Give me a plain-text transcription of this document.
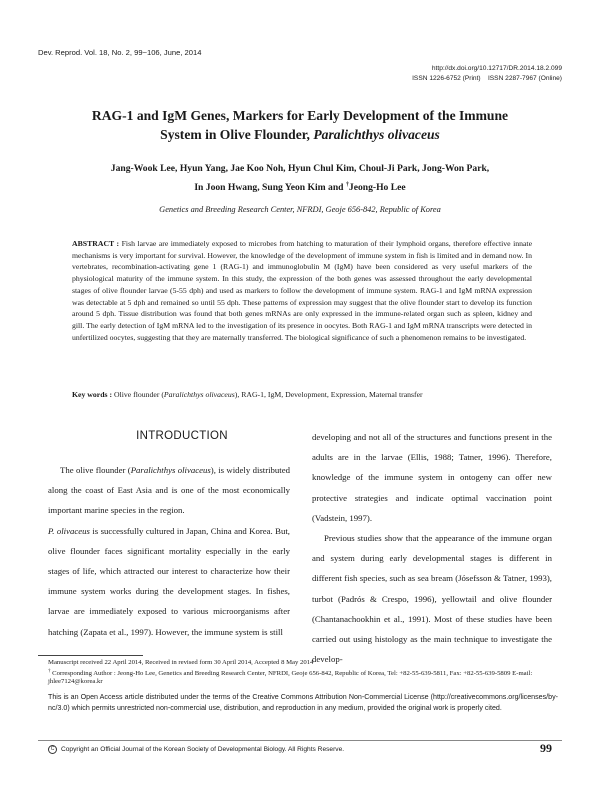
Dev. Reprod. Vol. 18, No. 2, 99~106, June, 2014
http://dx.doi.org/10.12717/DR.2014.18.2.099
ISSN 1226-6752 (Print)    ISSN 2287-7967 (Online)
RAG-1 and IgM Genes, Markers for Early Development of the Immune
System in Olive Flounder, Paralichthys olivaceus
Jang-Wook Lee, Hyun Yang, Jae Koo Noh, Hyun Chul Kim, Choul-Ji Park, Jong-Won Park,
In Joon Hwang, Sung Yeon Kim and †Jeong-Ho Lee
Genetics and Breeding Research Center, NFRDI, Geoje 656-842, Republic of Korea
ABSTRACT : Fish larvae are immediately exposed to microbes from hatching to maturation of their lymphoid organs, therefore effective innate mechanisms is very important for survival. However, the knowledge of the development of immune system in fish is limited and in demand now. In vertebrates, recombination-activating gene 1 (RAG-1) and immunoglobulin M (IgM) have been considered as very useful markers of the physiological maturity of the immune system. In this study, the expression of the both genes was assessed throughout the early developmental stages of olive flounder larvae (5-55 dph) and used as markers to follow the development of immune system. RAG-1 and IgM mRNA expression was detectable at 5 dph and remained so until 55 dph. These patterns of expression may suggest that the olive flounder start to develop its function around 5 dph. Tissue distribution was found that both genes mRNAs are only expressed in the immune-related organ such as spleen, kidney and gill. The early detection of IgM mRNA led to the investigation of its presence in oocytes. Both RAG-1 and IgM mRNA transcripts were detected in unfertilized oocytes, suggesting that they are maternally transferred. The biological significance of such a phenomenon remains to be investigated.
Key words : Olive flounder (Paralichthys olivaceus), RAG-1, IgM, Development, Expression, Maternal transfer
INTRODUCTION

The olive flounder (Paralichthys olivaceus), is widely distributed along the coast of East Asia and is one of the most economically important marine species in the region.

P. olivaceus is successfully cultured in Japan, China and Korea. But, olive flounder faces significant mortality especially in the early stages of life, which attracted our interest to characterize how their immune system works during the development stages. In fishes, larvae are immediately exposed to various microorganisms after hatching (Zapata et al., 1997). However, the immune system is still

developing and not all of the structures and functions present in the adults are in the larvae (Ellis, 1988; Tatner, 1996). Therefore, knowledge of the immune system in ontogeny can offer new protective strategies and indicate optimal vaccination point (Vadstein, 1997).

Previous studies show that the appearance of the immune organ and system during early developmental stages is different in different fish species, such as sea bream (Jósefsson & Tatner, 1993), turbot (Padrós & Crespo, 1996), yellowtail and olive flounder (Chantanachookhin et al., 1991). Most of these studies have been carried out using histology as the main technique to investigate the develop-

Manuscript received 22 April 2014, Received in revised form 30 April 2014, Accepted 8 May 2014
† Corresponding Author : Jeong-Ho Lee, Genetics and Breeding Research Center, NFRDI, Geoje 656-842, Republic of Korea, Tel: +82-55-639-5811, Fax: +82-55-639-5809 E-mail: jhlee7124@korea.kr
This is an Open Access article distributed under the terms of the Creative Commons Attribution Non-Commercial License (http://creativecommons.org/licenses/by-nc/3.0) which permits unrestricted non-commercial use, distribution, and reproduction in any medium, provided the original work is properly cited.
C	Copyright an Official Journal of the Korean Society of Developmental Biology. All Rights Reserve.	99
